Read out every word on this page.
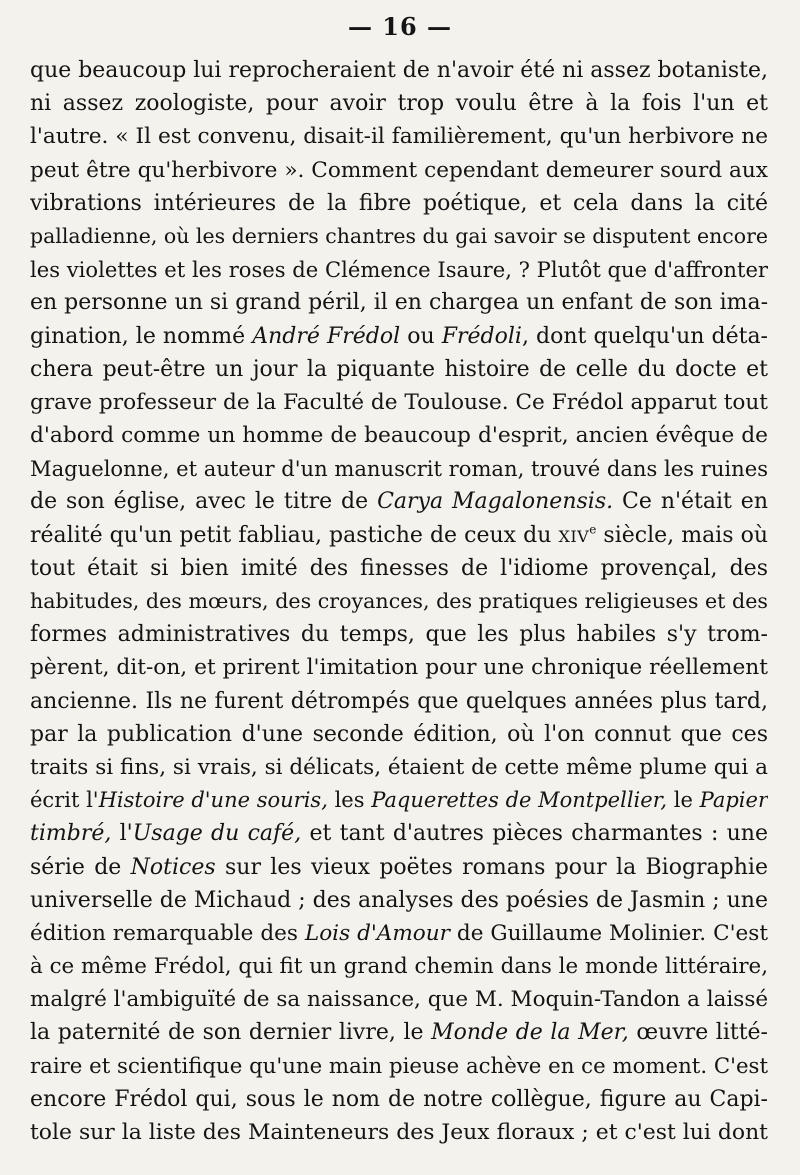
— 16 —
que beaucoup lui reprocheraient de n'avoir été ni assez botaniste,
ni assez zoologiste, pour avoir trop voulu être à la fois l'un et
l'autre. « Il est convenu, disait-il familièrement, qu'un herbivore ne
peut être qu'herbivore ». Comment cependant demeurer sourd aux
vibrations intérieures de la fibre poétique, et cela dans la cité
palladienne, où les derniers chantres du gai savoir se disputent encore
les violettes et les roses de Clémence Isaure, ? Plutôt que d'affronter
en personne un si grand péril, il en chargea un enfant de son ima-
gination, le nommé André Frédol ou Frédoli, dont quelqu'un déta-
chera peut-être un jour la piquante histoire de celle du docte et
grave professeur de la Faculté de Toulouse. Ce Frédol apparut tout
d'abord comme un homme de beaucoup d'esprit, ancien évêque de
Maguelonne, et auteur d'un manuscrit roman, trouvé dans les ruines
de son église, avec le titre de Carya Magalonensis. Ce n'était en
réalité qu'un petit fabliau, pastiche de ceux du XIVe siècle, mais où
tout était si bien imité des finesses de l'idiome provençal, des
habitudes, des mœurs, des croyances, des pratiques religieuses et des
formes administratives du temps, que les plus habiles s'y trom-
pèrent, dit-on, et prirent l'imitation pour une chronique réellement
ancienne. Ils ne furent détrompés que quelques années plus tard,
par la publication d'une seconde édition, où l'on connut que ces
traits si fins, si vrais, si délicats, étaient de cette même plume qui a
écrit l'Histoire d'une souris, les Paquerettes de Montpellier, le Papier
timbré, l'Usage du café, et tant d'autres pièces charmantes : une
série de Notices sur les vieux poëtes romans pour la Biographie
universelle de Michaud ; des analyses des poésies de Jasmin ; une
édition remarquable des Lois d'Amour de Guillaume Molinier. C'est
à ce même Frédol, qui fit un grand chemin dans le monde littéraire,
malgré l'ambiguïté de sa naissance, que M. Moquin-Tandon a laissé
la paternité de son dernier livre, le Monde de la Mer, œuvre litté-
raire et scientifique qu'une main pieuse achève en ce moment. C'est
encore Frédol qui, sous le nom de notre collègue, figure au Capi-
tole sur la liste des Mainteneurs des Jeux floraux ; et c'est lui dont
